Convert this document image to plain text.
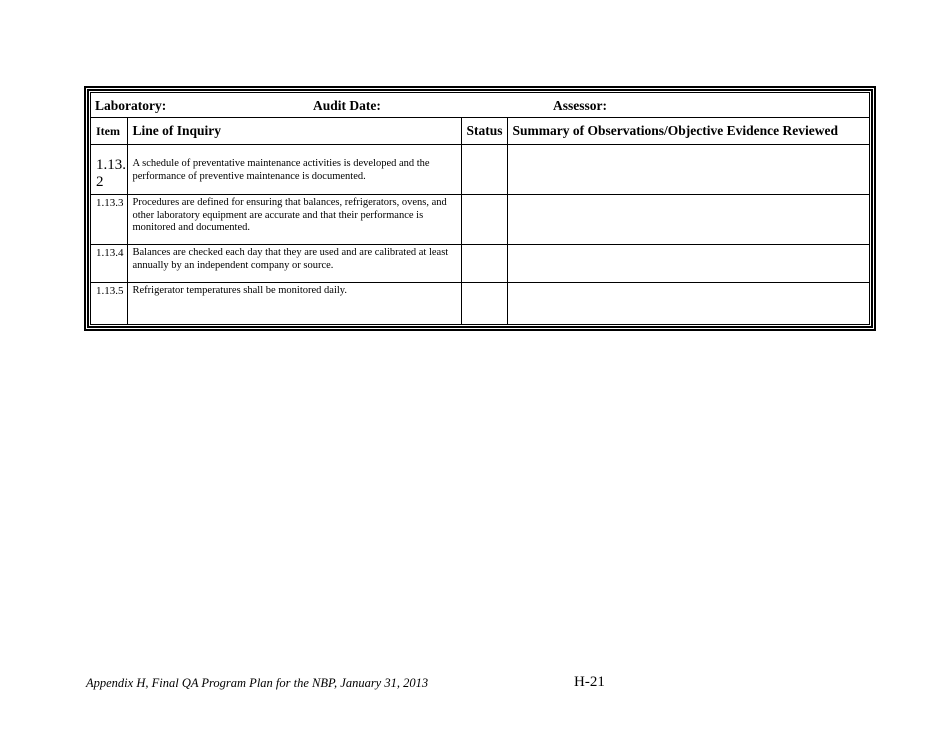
Laboratory: Audit Date: Assessor:			

Item	Line of Inquiry	Status	Summary of Observations/Objective Evidence Reviewed

1.13.
2	A schedule of preventative maintenance activities is developed and the performance of preventive maintenance is documented.		

1.13.3	Procedures are defined for ensuring that balances, refrigerators, ovens, and other laboratory equipment are accurate and that their performance is monitored and documented.		

1.13.4	Balances are checked each day that they are used and are calibrated at least annually by an independent company or source.		

1.13.5	Refrigerator temperatures shall be monitored daily.		

Appendix H, Final QA Program Plan for the NBP, January 31, 2013	H-21
